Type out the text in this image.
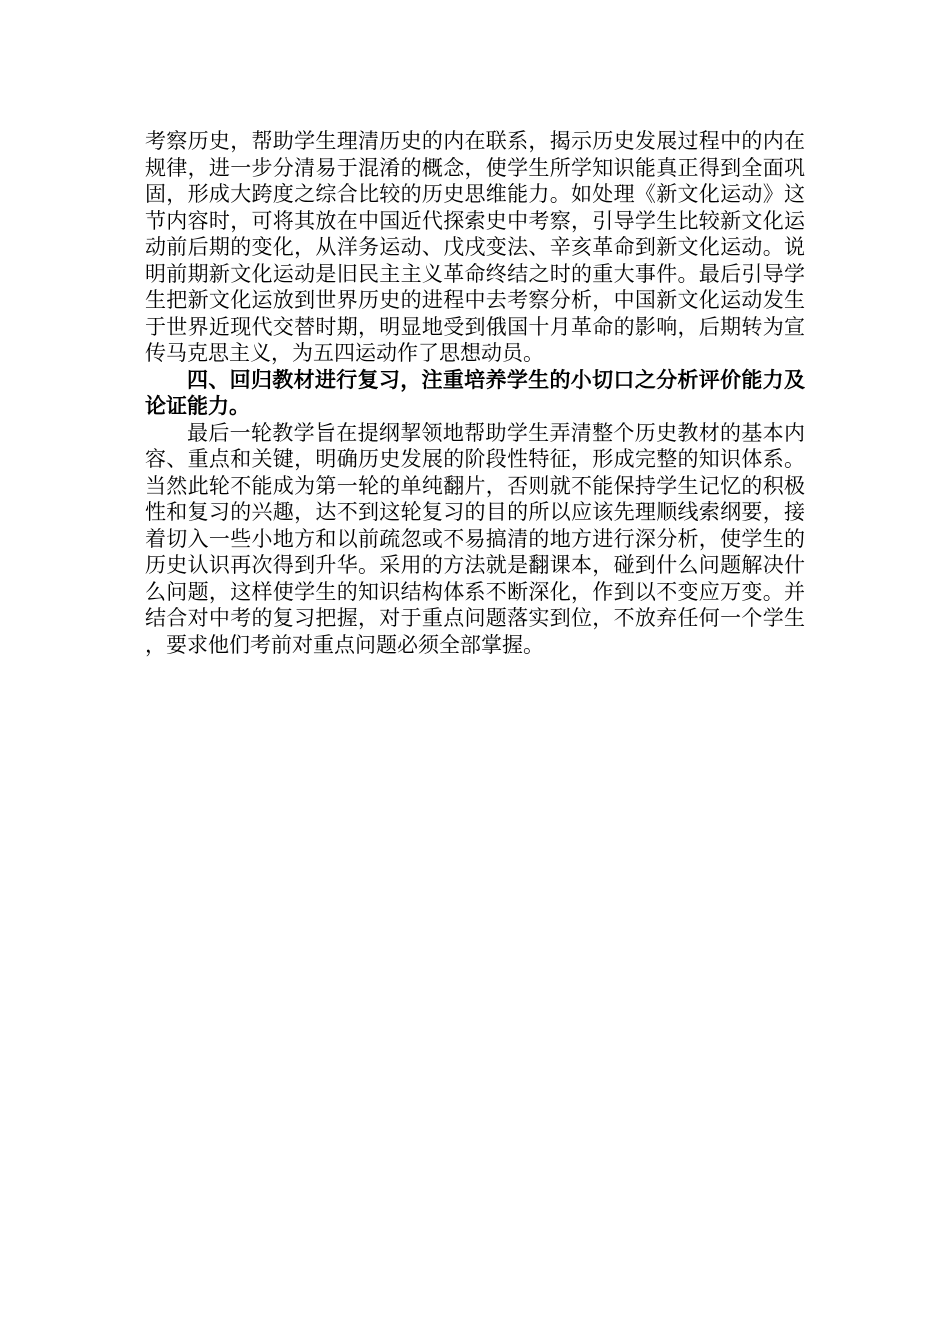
考察历史，帮助学生理清历史的内在联系，揭示历史发展过程中的内在规律，进一步分清易于混淆的概念，使学生所学知识能真正得到全面巩固，形成大跨度之综合比较的历史思维能力。如处理《新文化运动》这节内容时，可将其放在中国近代探索史中考察，引导学生比较新文化运动前后期的变化，从洋务运动、戊戌变法、辛亥革命到新文化运动。说明前期新文化运动是旧民主主义革命终结之时的重大事件。最后引导学生把新文化运放到世界历史的进程中去考察分析，中国新文化运动发生于世界近现代交替时期，明显地受到俄国十月革命的影响，后期转为宣传马克思主义，为五四运动作了思想动员。

四、回归教材进行复习，注重培养学生的小切口之分析评价能力及论证能力。

最后一轮教学旨在提纲挈领地帮助学生弄清整个历史教材的基本内容、重点和关键，明确历史发展的阶段性特征，形成完整的知识体系。当然此轮不能成为第一轮的单纯翻片，否则就不能保持学生记忆的积极性和复习的兴趣，达不到这轮复习的目的所以应该先理顺线索纲要，接着切入一些小地方和以前疏忽或不易搞清的地方进行深分析，使学生的历史认识再次得到升华。采用的方法就是翻课本，碰到什么问题解决什么问题，这样使学生的知识结构体系不断深化，作到以不变应万变。并结合对中考的复习把握，对于重点问题落实到位，不放弃任何一个学生，要求他们考前对重点问题必须全部掌握。
